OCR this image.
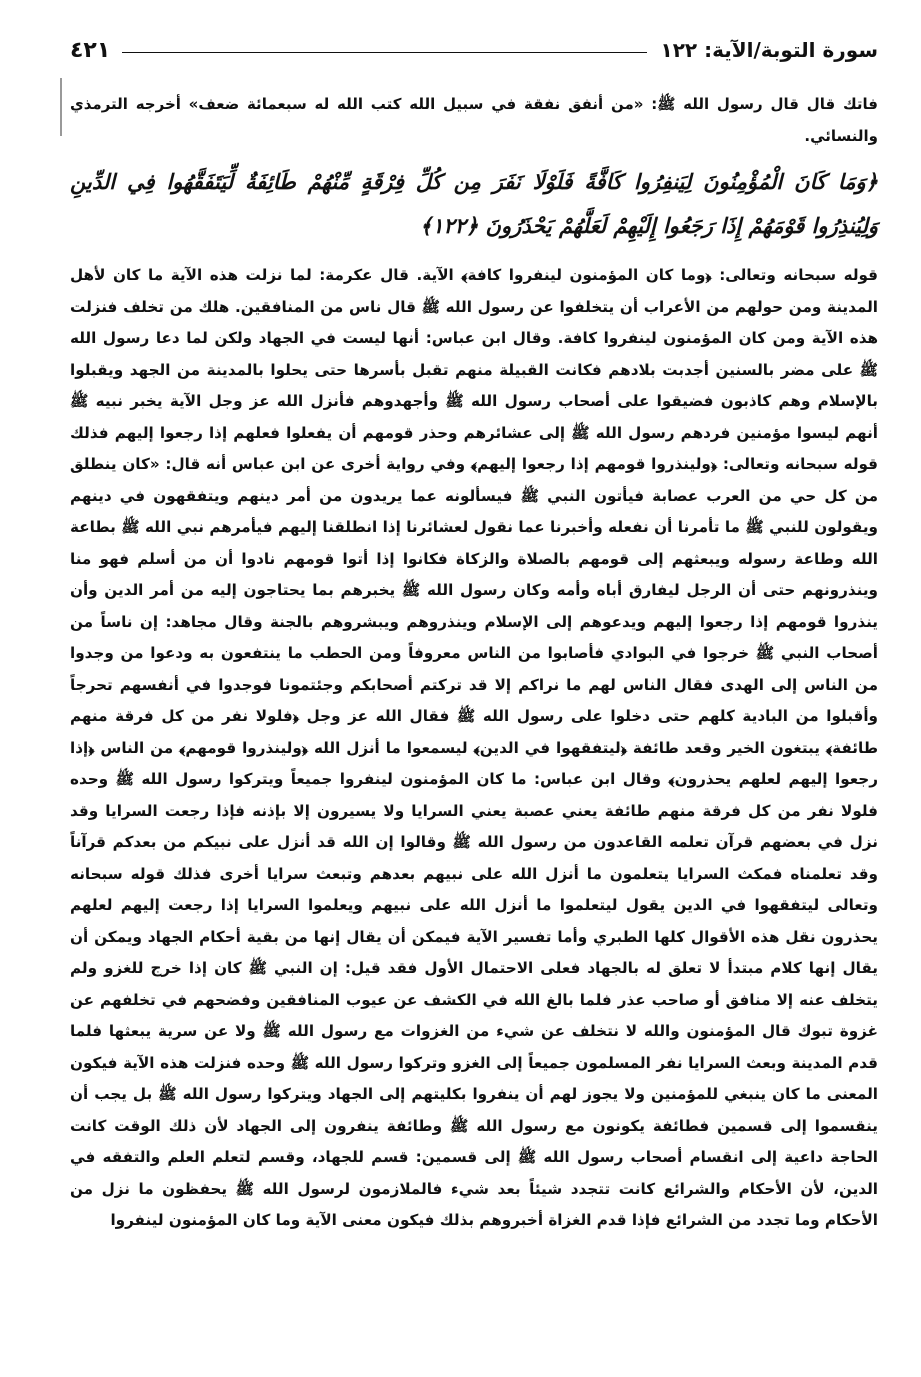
سورة التوبة/الآية: ١٢٢
٤٢١

فاتك قال قال رسول الله ﷺ: «من أنفق نفقة في سبيل الله كتب الله له سبعمائة ضعف» أخرجه الترمذي والنسائي.

﴿وَمَا كَانَ الْمُؤْمِنُونَ لِيَنفِرُوا كَافَّةً فَلَوْلَا نَفَرَ مِن كُلِّ فِرْقَةٍ مِّنْهُمْ طَائِفَةٌ لِّيَتَفَقَّهُوا فِي الدِّينِ وَلِيُنذِرُوا قَوْمَهُمْ إِذَا رَجَعُوا إِلَيْهِمْ لَعَلَّهُمْ يَحْذَرُونَ ﴿١٢٢﴾

قوله سبحانه وتعالى: ﴿وما كان المؤمنون لينفروا كافة﴾ الآية. قال عكرمة: لما نزلت هذه الآية ما كان لأهل المدينة ومن حولهم من الأعراب أن يتخلفوا عن رسول الله ﷺ قال ناس من المنافقين. هلك من تخلف فنزلت هذه الآية ومن كان المؤمنون لينفروا كافة. وقال ابن عباس: أنها ليست في الجهاد ولكن لما دعا رسول الله ﷺ على مضر بالسنين أجدبت بلادهم فكانت القبيلة منهم تقبل بأسرها حتى يحلوا بالمدينة من الجهد ويقبلوا بالإسلام وهم كاذبون فضيقوا على أصحاب رسول الله ﷺ وأجهدوهم فأنزل الله عز وجل الآية يخبر نبيه ﷺ أنهم ليسوا مؤمنين فردهم رسول الله ﷺ إلى عشائرهم وحذر قومهم أن يفعلوا فعلهم إذا رجعوا إليهم فذلك قوله سبحانه وتعالى: ﴿ولينذروا قومهم إذا رجعوا إليهم﴾ وفي رواية أخرى عن ابن عباس أنه قال: «كان ينطلق من كل حي من العرب عصابة فيأتون النبي ﷺ فيسألونه عما يريدون من أمر دينهم ويتفقهون في دينهم ويقولون للنبي ﷺ ما تأمرنا أن نفعله وأخبرنا عما نقول لعشائرنا إذا انطلقنا إليهم فيأمرهم نبي الله ﷺ بطاعة الله وطاعة رسوله ويبعثهم إلى قومهم بالصلاة والزكاة فكانوا إذا أتوا قومهم نادوا أن من أسلم فهو منا وينذرونهم حتى أن الرجل ليفارق أباه وأمه وكان رسول الله ﷺ يخبرهم بما يحتاجون إليه من أمر الدين وأن ينذروا قومهم إذا رجعوا إليهم ويدعوهم إلى الإسلام وينذروهم ويبشروهم بالجنة وقال مجاهد: إن ناساً من أصحاب النبي ﷺ خرجوا في البوادي فأصابوا من الناس معروفاً ومن الحطب ما ينتفعون به ودعوا من وجدوا من الناس إلى الهدى فقال الناس لهم ما نراكم إلا قد تركتم أصحابكم وجئتمونا فوجدوا في أنفسهم تحرجاً وأقبلوا من البادية كلهم حتى دخلوا على رسول الله ﷺ فقال الله عز وجل ﴿فلولا نفر من كل فرقة منهم طائفة﴾ يبتغون الخير وقعد طائفة ﴿ليتفقهوا في الدين﴾ ليسمعوا ما أنزل الله ﴿ولينذروا قومهم﴾ من الناس ﴿إذا رجعوا إليهم لعلهم يحذرون﴾ وقال ابن عباس: ما كان المؤمنون لينفروا جميعاً ويتركوا رسول الله ﷺ وحده فلولا نفر من كل فرقة منهم طائفة يعني عصبة يعني السرايا ولا يسيرون إلا بإذنه فإذا رجعت السرايا وقد نزل في بعضهم قرآن تعلمه القاعدون من رسول الله ﷺ وقالوا إن الله قد أنزل على نبيكم من بعدكم قرآناً وقد تعلمناه فمكث السرايا يتعلمون ما أنزل الله على نبيهم بعدهم وتبعث سرايا أخرى فذلك قوله سبحانه وتعالى ليتفقهوا في الدين يقول ليتعلموا ما أنزل الله على نبيهم ويعلموا السرايا إذا رجعت إليهم لعلهم يحذرون نقل هذه الأقوال كلها الطبري وأما تفسير الآية فيمكن أن يقال إنها من بقية أحكام الجهاد ويمكن أن يقال إنها كلام مبتدأ لا تعلق له بالجهاد فعلى الاحتمال الأول فقد قيل: إن النبي ﷺ كان إذا خرج للغزو ولم يتخلف عنه إلا منافق أو صاحب عذر فلما بالغ الله في الكشف عن عيوب المنافقين وفضحهم في تخلفهم عن غزوة تبوك قال المؤمنون والله لا نتخلف عن شيء من الغزوات مع رسول الله ﷺ ولا عن سرية يبعثها فلما قدم المدينة وبعث السرايا نفر المسلمون جميعاً إلى الغزو وتركوا رسول الله ﷺ وحده فنزلت هذه الآية فيكون المعنى ما كان ينبغي للمؤمنين ولا يجوز لهم أن ينفروا بكليتهم إلى الجهاد ويتركوا رسول الله ﷺ بل يجب أن ينقسموا إلى قسمين فطائفة يكونون مع رسول الله ﷺ وطائفة ينفرون إلى الجهاد لأن ذلك الوقت كانت الحاجة داعية إلى انقسام أصحاب رسول الله ﷺ إلى قسمين: قسم للجهاد، وقسم لتعلم العلم والتفقه في الدين، لأن الأحكام والشرائع كانت تتجدد شيئاً بعد شيء فالملازمون لرسول الله ﷺ يحفظون ما نزل من الأحكام وما تجدد من الشرائع فإذا قدم الغزاة أخبروهم بذلك فيكون معنى الآية وما كان المؤمنون لينفروا
